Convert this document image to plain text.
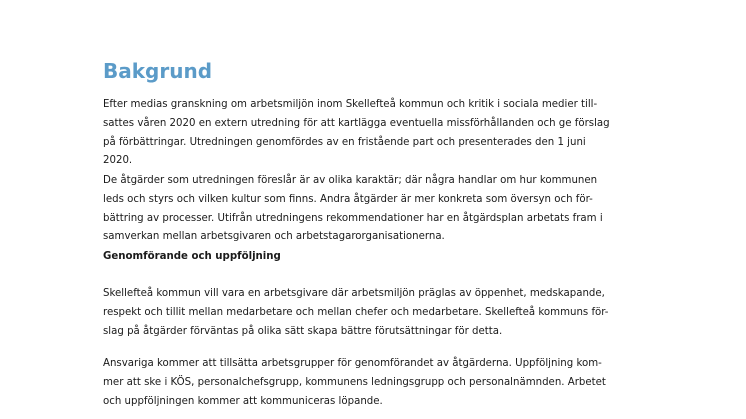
Bakgrund
Efter medias granskning om arbetsmiljön inom Skellefteå kommun och kritik i sociala medier till-
sattes våren 2020 en extern utredning för att kartlägga eventuella missförhållanden och ge förslag
på förbättringar. Utredningen genomfördes av en fristående part och presenterades den 1 juni
2020.
De åtgärder som utredningen föreslår är av olika karaktär; där några handlar om hur kommunen
leds och styrs och vilken kultur som finns. Andra åtgärder är mer konkreta som översyn och för-
bättring av processer. Utifrån utredningens rekommendationer har en åtgärdsplan arbetats fram i
samverkan mellan arbetsgivaren och arbetstagarorganisationerna.
Genomförande och uppföljning
Skellefteå kommun vill vara en arbetsgivare där arbetsmiljön präglas av öppenhet, medskapande,
respekt och tillit mellan medarbetare och mellan chefer och medarbetare. Skellefteå kommuns för-
slag på åtgärder förväntas på olika sätt skapa bättre förutsättningar för detta.
Ansvariga kommer att tillsätta arbetsgrupper för genomförandet av åtgärderna. Uppföljning kom-
mer att ske i KÖS, personalchefsgrupp, kommunens ledningsgrupp och personalnämnden. Arbetet
och uppföljningen kommer att kommuniceras löpande.
